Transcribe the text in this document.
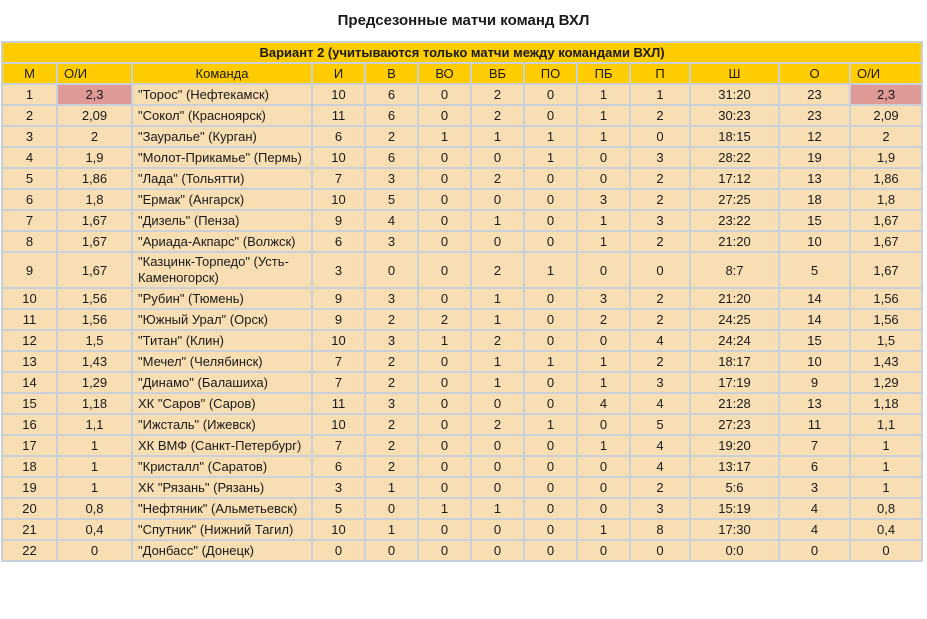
Предсезонные матчи команд ВХЛ
Вариант 2 (учитываются только матчи между командами ВХЛ)												
М	О/И	Команда	И	В	ВО	ВБ	ПО	ПБ	П	Ш	О	О/И
1	2,3	"Торос" (Нефтекамск)	10	6	0	2	0	1	1	31:20	23	2,3
2	2,09	"Сокол" (Красноярск)	11	6	0	2	0	1	2	30:23	23	2,09
3	2	"Зауралье" (Курган)	6	2	1	1	1	1	0	18:15	12	2
4	1,9	"Молот-Прикамье" (Пермь)	10	6	0	0	1	0	3	28:22	19	1,9
5	1,86	"Лада" (Тольятти)	7	3	0	2	0	0	2	17:12	13	1,86
6	1,8	"Ермак" (Ангарск)	10	5	0	0	0	3	2	27:25	18	1,8
7	1,67	"Дизель" (Пенза)	9	4	0	1	0	1	3	23:22	15	1,67
8	1,67	"Ариада-Акпарс" (Волжск)	6	3	0	0	0	1	2	21:20	10	1,67
9	1,67	"Казцинк-Торпедо" (Усть-Каменогорск)	3	0	0	2	1	0	0	8:7	5	1,67
10	1,56	"Рубин" (Тюмень)	9	3	0	1	0	3	2	21:20	14	1,56
11	1,56	"Южный Урал" (Орск)	9	2	2	1	0	2	2	24:25	14	1,56
12	1,5	"Титан" (Клин)	10	3	1	2	0	0	4	24:24	15	1,5
13	1,43	"Мечел" (Челябинск)	7	2	0	1	1	1	2	18:17	10	1,43
14	1,29	"Динамо" (Балашиха)	7	2	0	1	0	1	3	17:19	9	1,29
15	1,18	ХК "Саров" (Саров)	11	3	0	0	0	4	4	21:28	13	1,18
16	1,1	"Ижсталь" (Ижевск)	10	2	0	2	1	0	5	27:23	11	1,1
17	1	ХК ВМФ (Санкт-Петербург)	7	2	0	0	0	1	4	19:20	7	1
18	1	"Кристалл" (Саратов)	6	2	0	0	0	0	4	13:17	6	1
19	1	ХК "Рязань" (Рязань)	3	1	0	0	0	0	2	5:6	3	1
20	0,8	"Нефтяник" (Альметьевск)	5	0	1	1	0	0	3	15:19	4	0,8
21	0,4	"Спутник" (Нижний Тагил)	10	1	0	0	0	1	8	17:30	4	0,4
22	0	"Донбасс" (Донецк)	0	0	0	0	0	0	0	0:0	0	0
